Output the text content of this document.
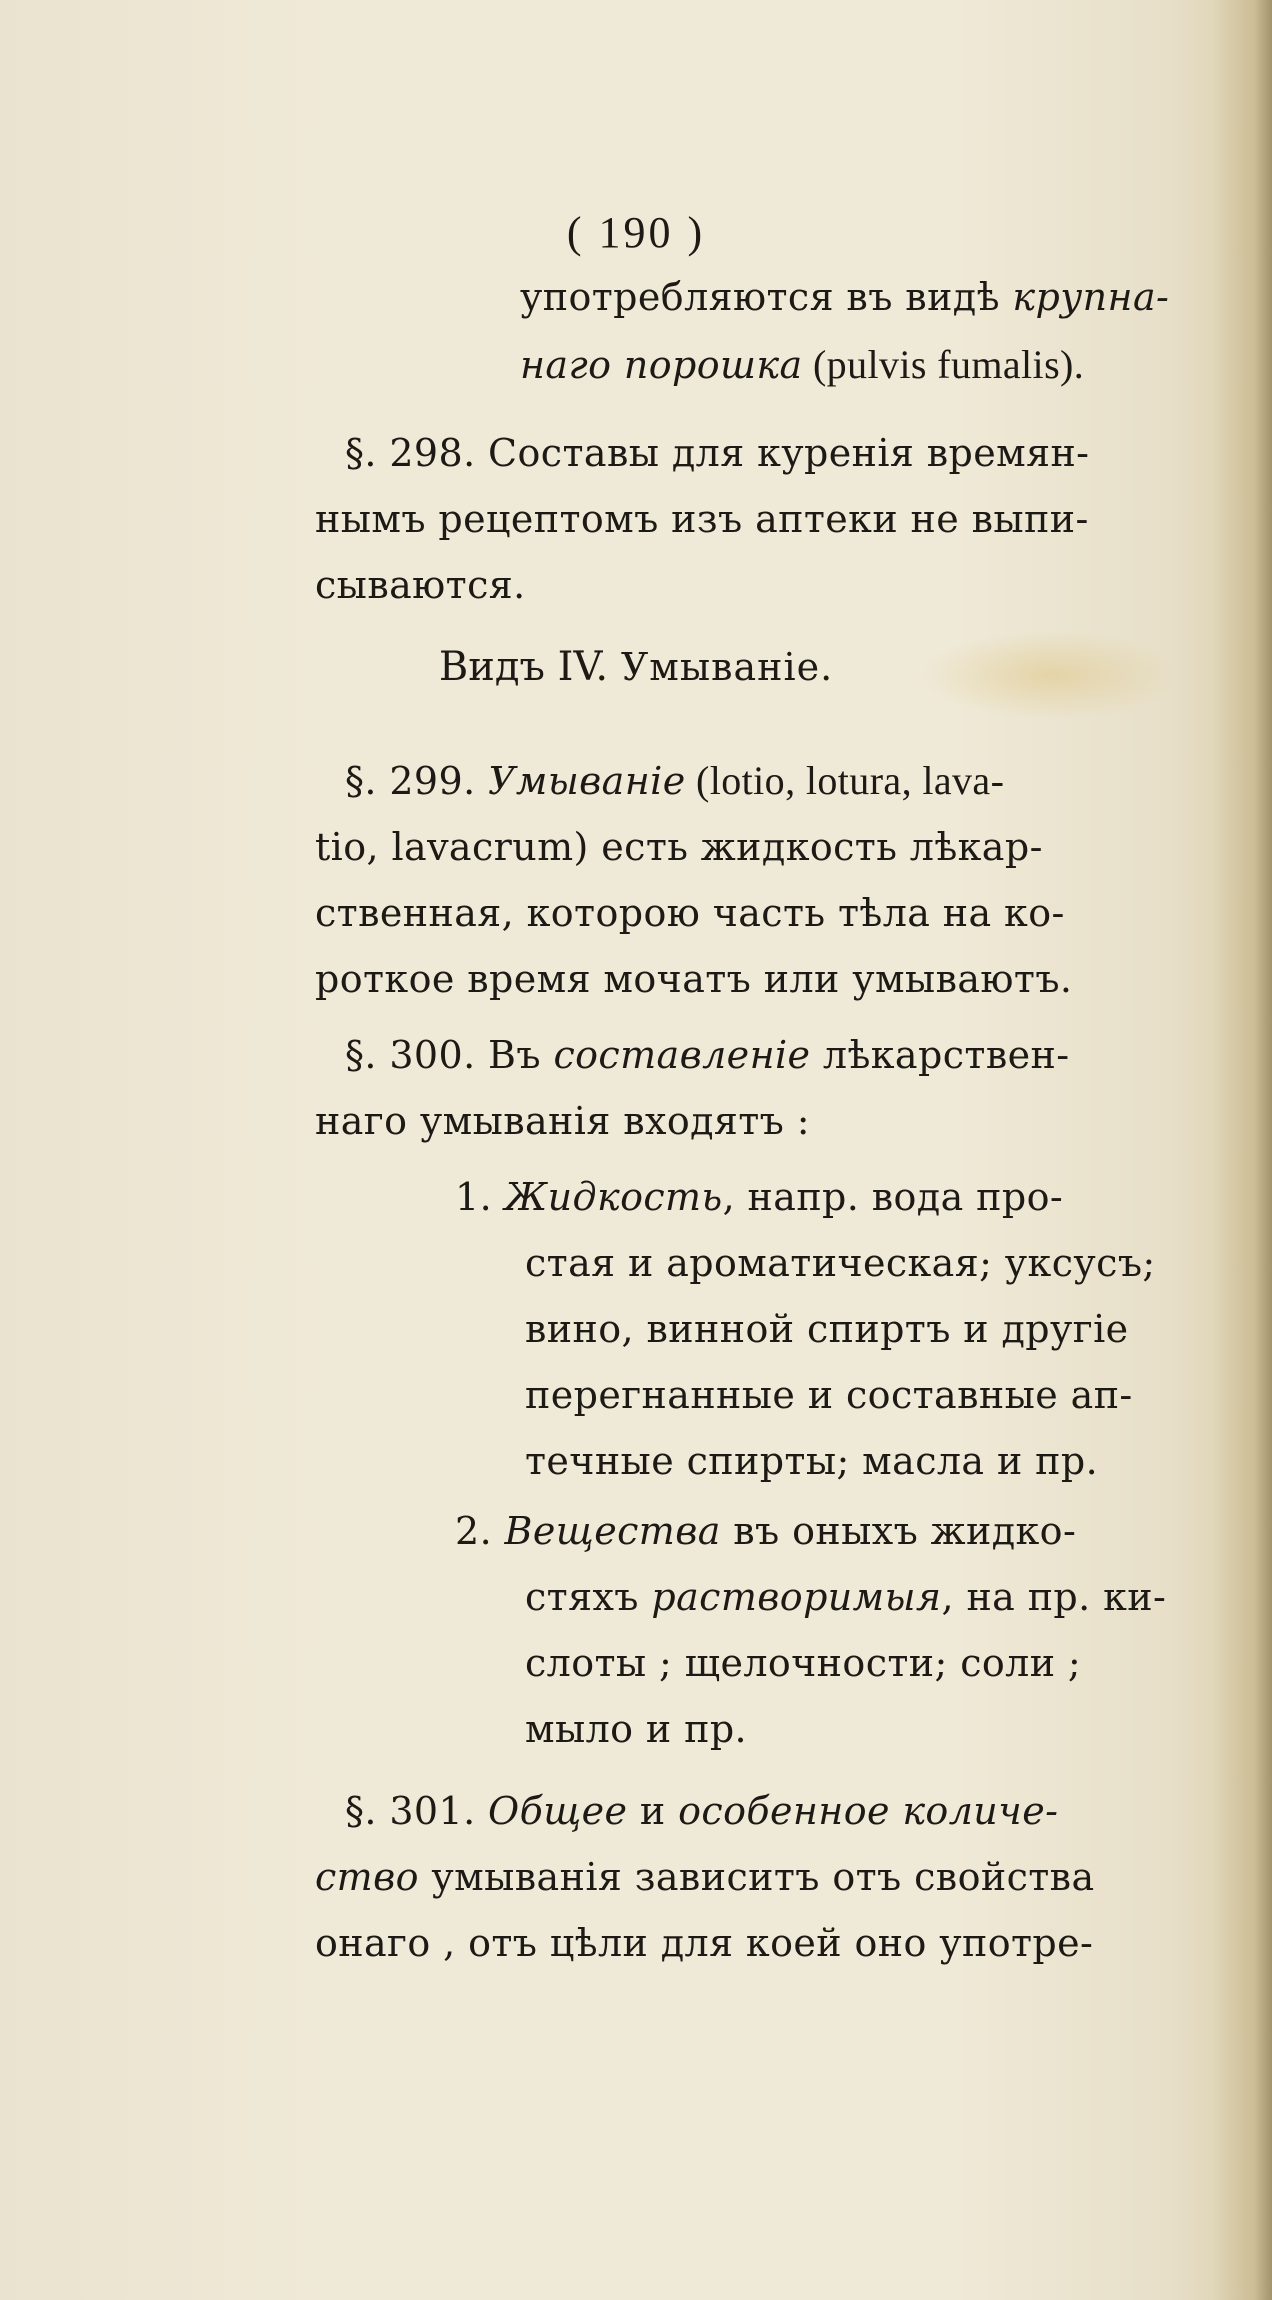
( 190 )
употребляются въ видѣ крупна-
наго порошка (pulvis fumalis).
§. 298. Составы для куренія времян-
нымъ рецептомъ изъ аптеки не выпи-
сываются.
Видъ IV. Умываніе.
§. 299. Умываніе (lotio, lotura, lava-
tio, lavacrum) есть жидкость лѣкар-
ственная, которою часть тѣла на ко-
роткое время мочатъ или умываютъ.
§. 300. Въ составленіе лѣкарствен-
наго умыванія входятъ :
1. Жидкость, напр. вода про-
стая и ароматическая; уксусъ;
вино, винной спиртъ и другіе
перегнанные и составные ап-
течные спирты; масла и пр.
2. Вещества въ оныхъ жидко-
стяхъ растворимыя, на пр. ки-
слоты ; щелочности; соли ;
мыло и пр.
§. 301. Общее и особенное количе-
ство умыванія зависитъ отъ свойства
онаго , отъ цѣли для коей оно употре-
